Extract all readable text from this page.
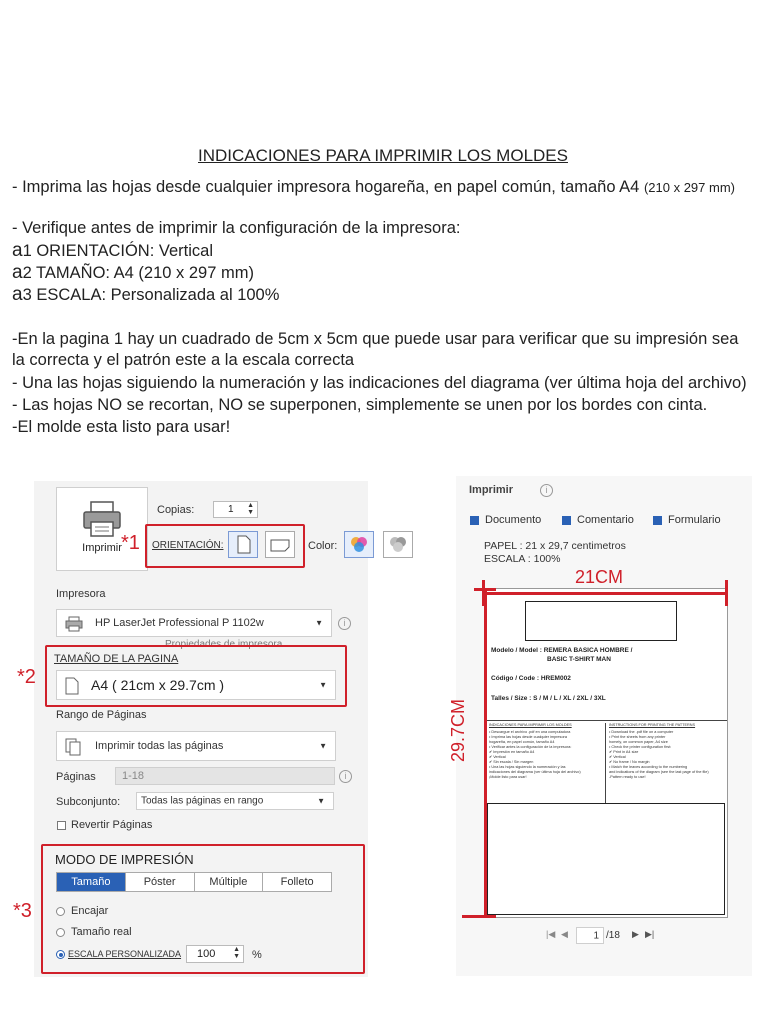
INDICACIONES PARA IMPRIMIR LOS MOLDES
- Imprima las hojas desde cualquier impresora hogareña, en papel común, tamaño A4 (210 x 297 mm)
- Verifique antes de imprimir la configuración de la impresora:
a1 ORIENTACIÓN: Vertical
a2 TAMAÑO: A4 (210 x 297 mm)
a3 ESCALA: Personalizada al 100%
-En la pagina 1 hay un cuadrado de 5cm x 5cm que puede usar para verificar que su impresión sea
la correcta y el patrón este a la escala correcta
- Una las hojas siguiendo la numeración y las indicaciones del diagrama (ver última hoja del archivo)
- Las hojas NO se recortan, NO se superponen, simplemente se unen por los bordes con cinta.
-El molde esta listo para usar!
Imprimir
Copias:	1 ▲
▼
*1 ORIENTACIÓN:	Color:
Impresora
HP LaserJet Professional P 1102w	▼	i
Propiedades de impresora
*2
TAMAÑO DE LA PAGINA
A4 ( 21cm x 29.7cm )	▼
Rango de Páginas
Imprimir todas las páginas	▼
Páginas 1-18	i
Subconjunto: Todas las páginas en rango	▼
Revertir Páginas
*3
MODO DE IMPRESIÓN
Tamaño	Póster	Múltiple	Folleto
Encajar
Tamaño real
ESCALA PERSONALIZADA 100	▲
▼ %
Imprimir	i
Documento	Comentario	Formulario
PAPEL : 21 x 29,7 centimetros
ESCALA : 100%
Modelo / Model : REMERA BASICA HOMBRE /
BASIC T-SHIRT MAN
Código / Code : HREM002
Talles / Size : S / M / L / XL / 2XL / 3XL
INDICACIONES PARA IMPRIMIR LOS MOLDES
• Descargue el archivo .pdf en una computadora
• Imprima las hojas desde cualquier impresora
hogareña, en papel común, tamaño A4
• Verificar antes la configuración de la impresora:
✔ Impresión en tamaño A4
✔ Vertical
✔ Sin escala / Sin margen
• Una las hojas siguiendo la numeración y las
indicaciones del diagrama (ver última hoja del archivo)
¡Molde listo para usar!
INSTRUCTIONS FOR PRINTING THE PATTERNS
• Download the .pdf file on a computer
• Print the sheets from any printer
homely, on common paper, A4 size
• Check the printer configuration first:
✔ Print in A4 size
✔ Vertical
✔ No frame / No margin
• Match the leaves according to the numbering
and indications of the diagram (see the last page of the file)
-Pattern ready to use!
21CM
29.7CM
|◀ ◀	1 /18 ▶ ▶|
